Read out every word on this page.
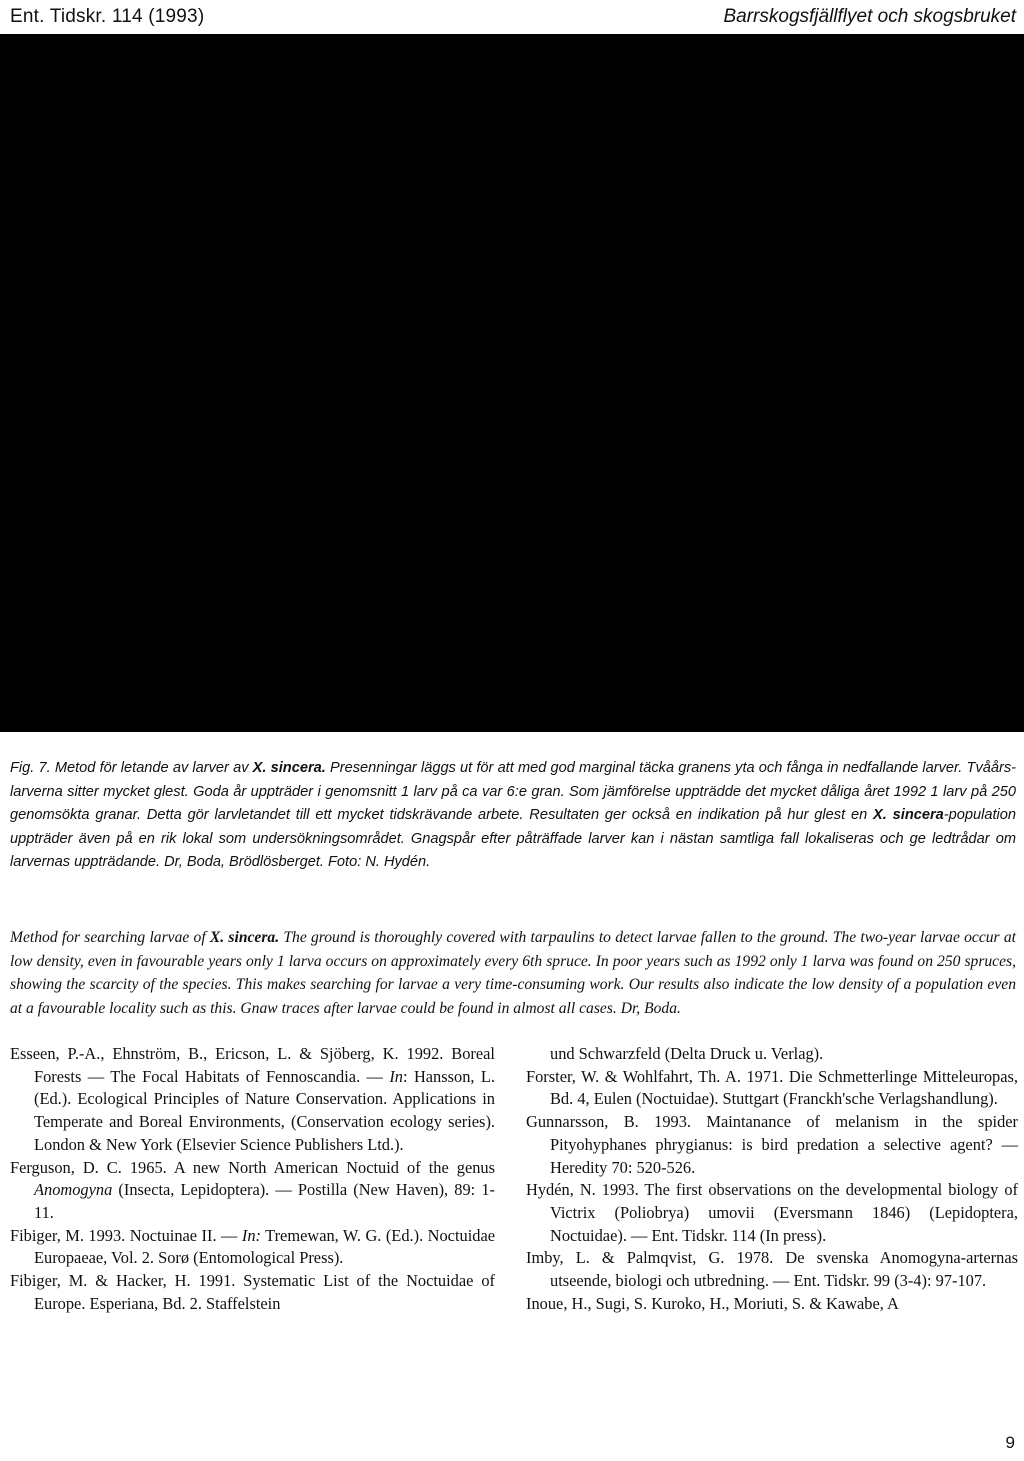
Ent. Tidskr. 114 (1993)	Barrskogsfjällflyet och skogsbruket

Fig. 7. Metod för letande av larver av X. sincera. Presenningar läggs ut för att med god marginal täcka granens yta och fånga in nedfallande larver. Tvåårs-larverna sitter mycket glest. Goda år uppträder i genomsnitt 1 larv på ca var 6:e gran. Som jämförelse uppträdde det mycket dåliga året 1992 1 larv på 250 genomsökta granar. Detta gör larvletandet till ett mycket tidskrävande arbete. Resultaten ger också en indikation på hur glest en X. sincera-population uppträder även på en rik lokal som undersökningsområdet. Gnagspår efter påträffade larver kan i nästan samtliga fall lokaliseras och ge ledtrådar om larvernas uppträdande. Dr, Boda, Brödlösberget. Foto: N. Hydén.

Method for searching larvae of X. sincera. The ground is thoroughly covered with tarpaulins to detect larvae fallen to the ground. The two-year larvae occur at low density, even in favourable years only 1 larva occurs on approximately every 6th spruce. In poor years such as 1992 only 1 larva was found on 250 spruces, showing the scarcity of the species. This makes searching for larvae a very time-consuming work. Our results also indicate the low density of a population even at a favourable locality such as this. Gnaw traces after larvae could be found in almost all cases. Dr, Boda.

Esseen, P.-A., Ehnström, B., Ericson, L. & Sjöberg, K. 1992. Boreal Forests — The Focal Habitats of Fennoscandia. — In: Hansson, L. (Ed.). Ecological Principles of Nature Conservation. Applications in Temperate and Boreal Environments, (Conservation ecology series). London & New York (Elsevier Science Publishers Ltd.).

Ferguson, D. C. 1965. A new North American Noctuid of the genus Anomogyna (Insecta, Lepidoptera). — Postilla (New Haven), 89: 1-11.

Fibiger, M. 1993. Noctuinae II. — In: Tremewan, W. G. (Ed.). Noctuidae Europaeae, Vol. 2. Sorø (Entomological Press).

Fibiger, M. & Hacker, H. 1991. Systematic List of the Noctuidae of Europe. Esperiana, Bd. 2. Staffelstein

und Schwarzfeld (Delta Druck u. Verlag).

Forster, W. & Wohlfahrt, Th. A. 1971. Die Schmetterlinge Mitteleuropas, Bd. 4, Eulen (Noctuidae). Stuttgart (Franckh'sche Verlagshandlung).

Gunnarsson, B. 1993. Maintanance of melanism in the spider Pityohyphanes phrygianus: is bird predation a selective agent? — Heredity 70: 520-526.

Hydén, N. 1993. The first observations on the developmental biology of Victrix (Poliobrya) umovii (Eversmann 1846) (Lepidoptera, Noctuidae). — Ent. Tidskr. 114 (In press).

Imby, L. & Palmqvist, G. 1978. De svenska Anomogyna-arternas utseende, biologi och utbredning. — Ent. Tidskr. 99 (3-4): 97-107.

Inoue, H., Sugi, S. Kuroko, H., Moriuti, S. & Kawabe, A

9
